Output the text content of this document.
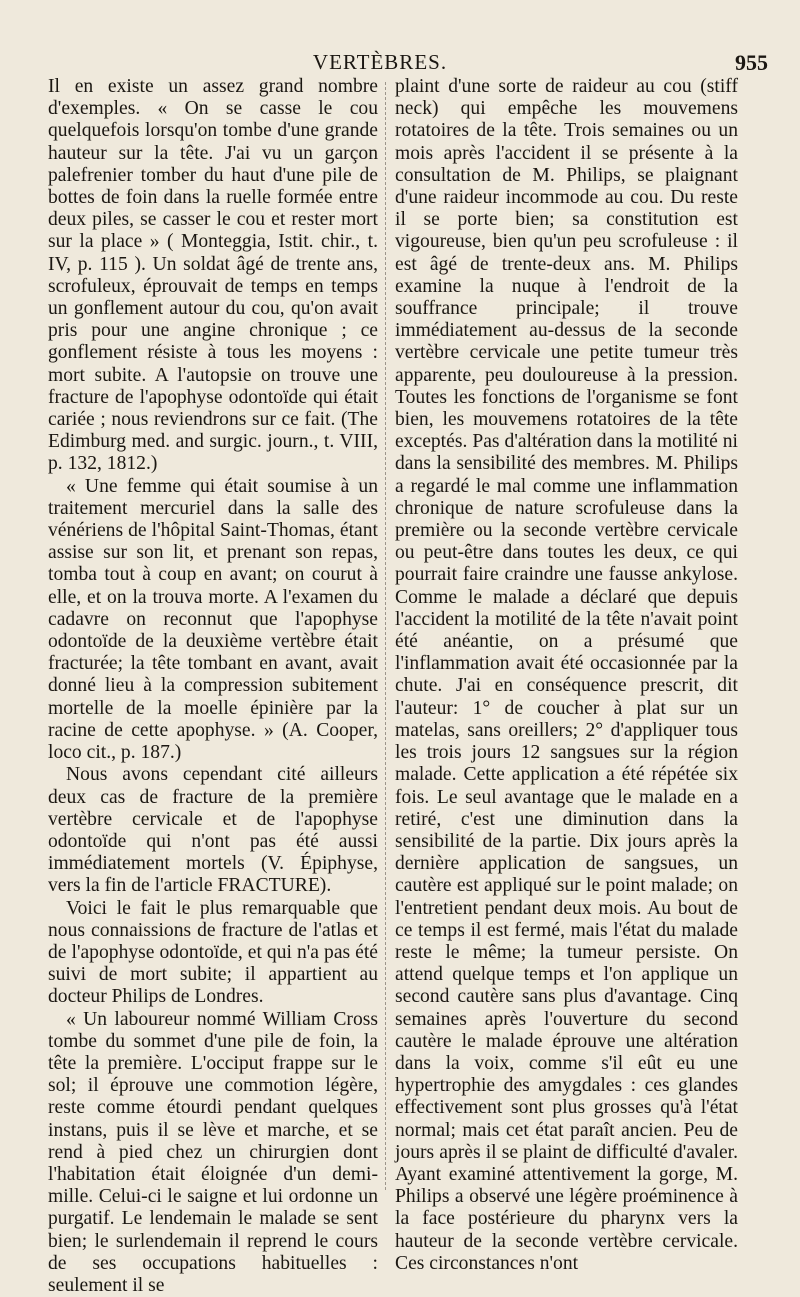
VERTÈBRES.	955

Il en existe un assez grand nombre d'exemples. « On se casse le cou quelquefois lorsqu'on tombe d'une grande hauteur sur la tête. J'ai vu un garçon palefrenier tomber du haut d'une pile de bottes de foin dans la ruelle formée entre deux piles, se casser le cou et rester mort sur la place » ( Monteggia, Istit. chir., t. IV, p. 115 ). Un soldat âgé de trente ans, scrofuleux, éprouvait de temps en temps un gonflement autour du cou, qu'on avait pris pour une angine chronique ; ce gonflement résiste à tous les moyens : mort subite. A l'autopsie on trouve une fracture de l'apophyse odontoïde qui était cariée ; nous reviendrons sur ce fait. (The Edimburg med. and surgic. journ., t. VIII, p. 132, 1812.)

« Une femme qui était soumise à un traitement mercuriel dans la salle des vénériens de l'hôpital Saint-Thomas, étant assise sur son lit, et prenant son repas, tomba tout à coup en avant; on courut à elle, et on la trouva morte. A l'examen du cadavre on reconnut que l'apophyse odontoïde de la deuxième vertèbre était fracturée; la tête tombant en avant, avait donné lieu à la compression subitement mortelle de la moelle épinière par la racine de cette apophyse. » (A. Cooper, loco cit., p. 187.)

Nous avons cependant cité ailleurs deux cas de fracture de la première vertèbre cervicale et de l'apophyse odontoïde qui n'ont pas été aussi immédiatement mortels (V. Épiphyse, vers la fin de l'article FRACTURE).

Voici le fait le plus remarquable que nous connaissions de fracture de l'atlas et de l'apophyse odontoïde, et qui n'a pas été suivi de mort subite; il appartient au docteur Philips de Londres.

« Un laboureur nommé William Cross tombe du sommet d'une pile de foin, la tête la première. L'occiput frappe sur le sol; il éprouve une commotion légère, reste comme étourdi pendant quelques instans, puis il se lève et marche, et se rend à pied chez un chirurgien dont l'habitation était éloignée d'un demi-mille. Celui-ci le saigne et lui ordonne un purgatif. Le lendemain le malade se sent bien; le surlendemain il reprend le cours de ses occupations habituelles : seulement il se

plaint d'une sorte de raideur au cou (stiff neck) qui empêche les mouvemens rotatoires de la tête. Trois semaines ou un mois après l'accident il se présente à la consultation de M. Philips, se plaignant d'une raideur incommode au cou. Du reste il se porte bien; sa constitution est vigoureuse, bien qu'un peu scrofuleuse : il est âgé de trente-deux ans. M. Philips examine la nuque à l'endroit de la souffrance principale; il trouve immédiatement au-dessus de la seconde vertèbre cervicale une petite tumeur très apparente, peu douloureuse à la pression. Toutes les fonctions de l'organisme se font bien, les mouvemens rotatoires de la tête exceptés. Pas d'altération dans la motilité ni dans la sensibilité des membres. M. Philips a regardé le mal comme une inflammation chronique de nature scrofuleuse dans la première ou la seconde vertèbre cervicale ou peut-être dans toutes les deux, ce qui pourrait faire craindre une fausse ankylose. Comme le malade a déclaré que depuis l'accident la motilité de la tête n'avait point été anéantie, on a présumé que l'inflammation avait été occasionnée par la chute. J'ai en conséquence prescrit, dit l'auteur: 1° de coucher à plat sur un matelas, sans oreillers; 2° d'appliquer tous les trois jours 12 sangsues sur la région malade. Cette application a été répétée six fois. Le seul avantage que le malade en a retiré, c'est une diminution dans la sensibilité de la partie. Dix jours après la dernière application de sangsues, un cautère est appliqué sur le point malade; on l'entretient pendant deux mois. Au bout de ce temps il est fermé, mais l'état du malade reste le même; la tumeur persiste. On attend quelque temps et l'on applique un second cautère sans plus d'avantage. Cinq semaines après l'ouverture du second cautère le malade éprouve une altération dans la voix, comme s'il eût eu une hypertrophie des amygdales : ces glandes effectivement sont plus grosses qu'à l'état normal; mais cet état paraît ancien. Peu de jours après il se plaint de difficulté d'avaler. Ayant examiné attentivement la gorge, M. Philips a observé une légère proéminence à la face postérieure du pharynx vers la hauteur de la seconde vertèbre cervicale. Ces circonstances n'ont
